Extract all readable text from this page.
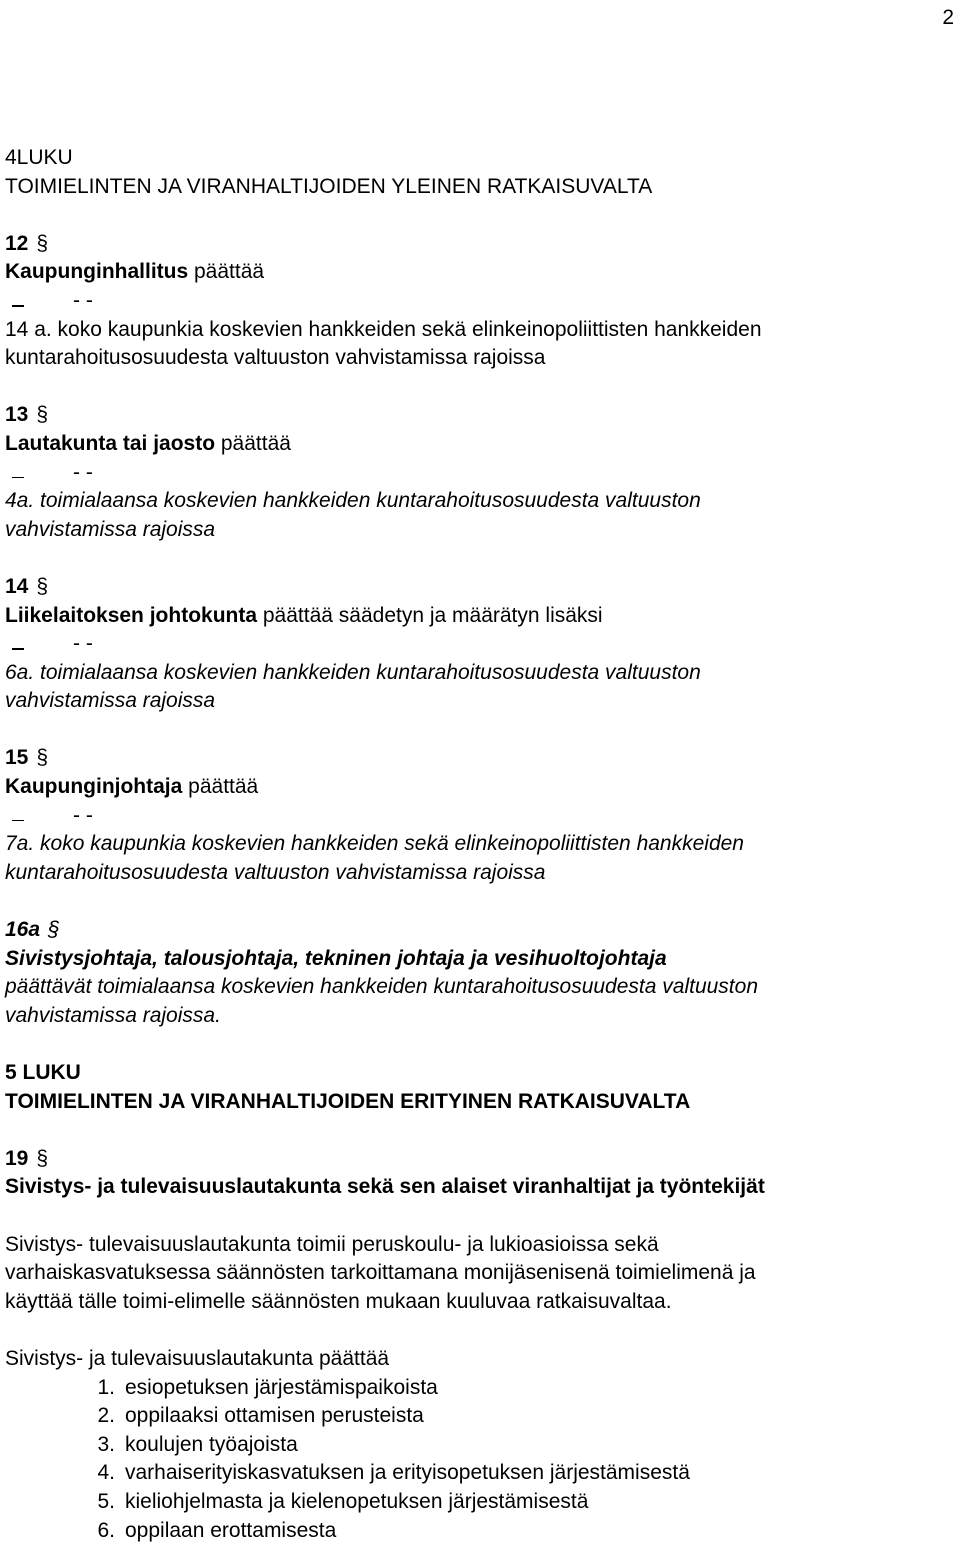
2
4LUKU
TOIMIELINTEN JA VIRANHALTIJOIDEN YLEINEN RATKAISUVALTA
12 §
Kaupunginhallitus päättää
- -
14 a. koko kaupunkia koskevien hankkeiden sekä elinkeinopoliittisten hankkeiden
kuntarahoitusosuudesta valtuuston vahvistamissa rajoissa
13 §
Lautakunta tai jaosto päättää
- -
4a. toimialaansa koskevien hankkeiden kuntarahoitusosuudesta valtuuston
vahvistamissa rajoissa
14 §
Liikelaitoksen johtokunta päättää säädetyn ja määrätyn lisäksi
- -
6a. toimialaansa koskevien hankkeiden kuntarahoitusosuudesta valtuuston
vahvistamissa rajoissa
15 §
Kaupunginjohtaja päättää
- -
7a. koko kaupunkia koskevien hankkeiden sekä elinkeinopoliittisten hankkeiden
kuntarahoitusosuudesta valtuuston vahvistamissa rajoissa
16a §
Sivistysjohtaja, talousjohtaja, tekninen johtaja ja vesihuoltojohtaja
päättävät toimialaansa koskevien hankkeiden kuntarahoitusosuudesta valtuuston
vahvistamissa rajoissa.
5 LUKU
TOIMIELINTEN JA VIRANHALTIJOIDEN ERITYINEN RATKAISUVALTA
19 §
Sivistys- ja tulevaisuuslautakunta sekä sen alaiset viranhaltijat ja työntekijät
Sivistys- tulevaisuuslautakunta toimii peruskoulu- ja lukioasioissa sekä
varhaiskasvatuksessa säännösten tarkoittamana monijäsenisenä toimielimenä ja
käyttää tälle toimi-elimelle säännösten mukaan kuuluvaa ratkaisuvaltaa.
Sivistys- ja tulevaisuuslautakunta päättää
1. esiopetuksen järjestämispaikoista
2. oppilaaksi ottamisen perusteista
3. koulujen työajoista
4. varhaiserityiskasvatuksen ja erityisopetuksen järjestämisestä
5. kieliohjelmasta ja kielenopetuksen järjestämisestä
6. oppilaan erottamisesta
